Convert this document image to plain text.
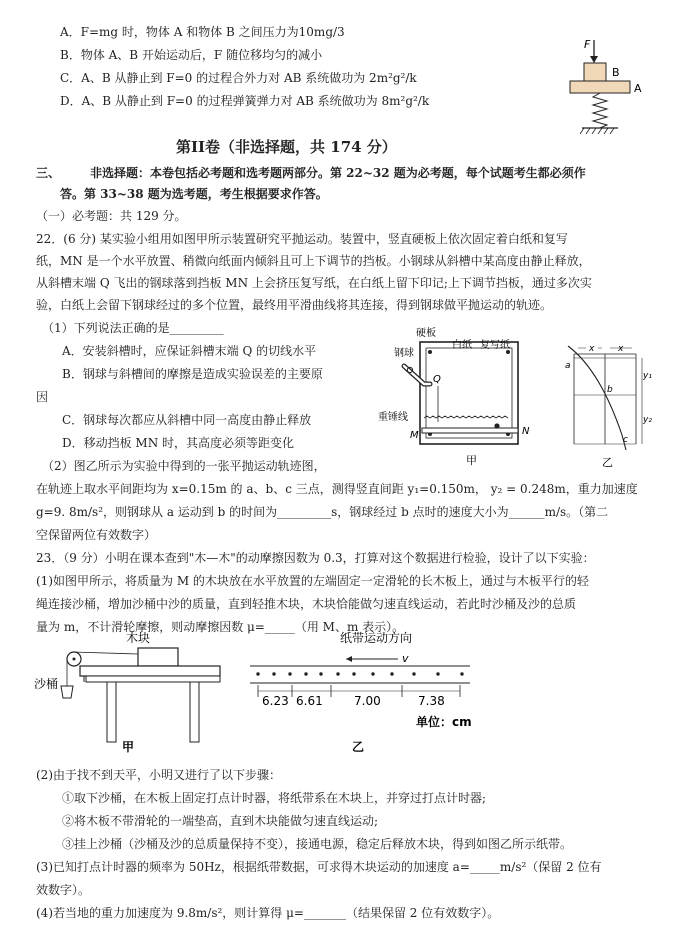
A．F=mg 时，物体 A 和物体 B 之间压力为10mg/3
B．物体 A、B 开始运动后，F 随位移均匀的减小
C．A、B 从静止到 F=0 的过程合外力对 AB 系统做功为 2m²g²/k
D．A、B 从静止到 F=0 的过程弹簧弹力对 AB 系统做功为 8m²g²/k
F
B
A
第II卷（非选择题，共 174 分）
三、 非选择题：本卷包括必考题和选考题两部分。第 22~32 题为必考题，每个试题考生都必须作
答。第 33~38 题为选考题，考生根据要求作答。
（一）必考题：共 129 分。
22．(6 分) 某实验小组用如图甲所示装置研究平抛运动。装置中，竖直硬板上依次固定着白纸和复写
纸，MN 是一个水平放置、稍微向纸面内倾斜且可上下调节的挡板。小钢球从斜槽中某高度由静止释放，
从斜槽末端 Q 飞出的钢球落到挡板 MN 上会挤压复写纸，在白纸上留下印记;上下调节挡板，通过多次实
验，白纸上会留下钢球经过的多个位置，最终用平滑曲线将其连接，得到钢球做平抛运动的轨迹。
（1）下列说法正确的是_________
A．安装斜槽时，应保证斜槽末端 Q 的切线水平
B．钢球与斜槽间的摩擦是造成实验误差的主要原
因
C．钢球每次都应从斜槽中同一高度由静止释放
D．移动挡板 MN 时，其高度必须等距变化
（2）图乙所示为实验中得到的一张平抛运动轨迹图，
在轨迹上取水平间距均为 x=0.15m 的 a、b、c 三点，测得竖直间距 y₁=0.150m， y₂ = 0.248m，重力加速度
g=9. 8m/s²，则钢球从 a 运动到 b 的时间为_________s，钢球经过 b 点时的速度大小为______m/s。（第二
空保留两位有效数字）
硬板
白纸 复写纸
钢球
Q
重锤线
M	N
甲
x	x
a
b
c
y₁
y₂
乙
23．（9 分）小明在课本查到"木—木"的动摩擦因数为 0.3，打算对这个数据进行检验，设计了以下实验：
(1)如图甲所示，将质量为 M 的木块放在水平放置的左端固定一定滑轮的长木板上，通过与木板平行的轻
绳连接沙桶，增加沙桶中沙的质量，直到轻推木块，木块恰能做匀速直线运动，若此时沙桶及沙的总质
量为 m，不计滑轮摩擦，则动摩擦因数 μ=_____（用 M、m 表示）。
木块
沙桶
甲
纸带运动方向
v
6.23 6.61	7.00	7.38
单位：cm
乙
(2)由于找不到天平，小明又进行了以下步骤：
①取下沙桶，在木板上固定打点计时器，将纸带系在木块上，并穿过打点计时器;
②将木板不带滑轮的一端垫高，直到木块能做匀速直线运动;
③挂上沙桶（沙桶及沙的总质量保持不变），接通电源，稳定后释放木块，得到如图乙所示纸带。
(3)已知打点计时器的频率为 50Hz，根据纸带数据，可求得木块运动的加速度 a=_____m/s²（保留 2 位有
效数字）。
(4)若当地的重力加速度为 9.8m/s²，则计算得 μ=_______（结果保留 2 位有效数字）。
